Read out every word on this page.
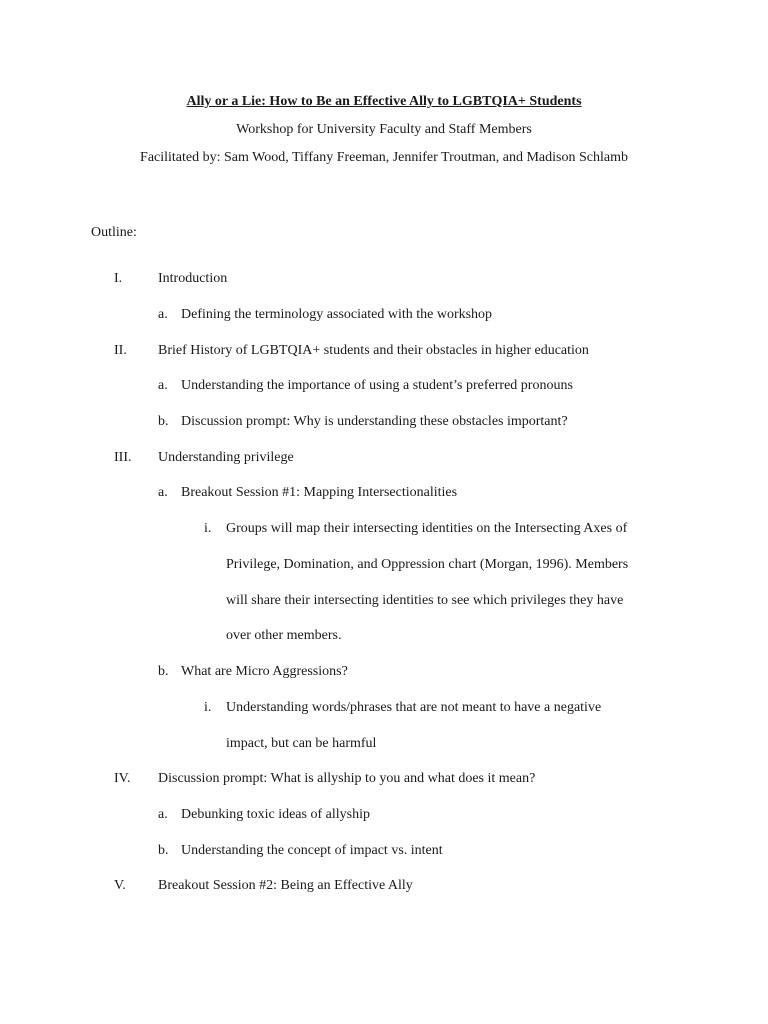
Ally or a Lie: How to Be an Effective Ally to LGBTQIA+ Students
Workshop for University Faculty and Staff Members
Facilitated by: Sam Wood, Tiffany Freeman, Jennifer Troutman, and Madison Schlamb
Outline:
I.	Introduction
a. Defining the terminology associated with the workshop
II. Brief History of LGBTQIA+ students and their obstacles in higher education
a. Understanding the importance of using a student’s preferred pronouns
b. Discussion prompt: Why is understanding these obstacles important?
III. Understanding privilege
a. Breakout Session #1: Mapping Intersectionalities
i. Groups will map their intersecting identities on the Intersecting Axes of
Privilege, Domination, and Oppression chart (Morgan, 1996). Members
will share their intersecting identities to see which privileges they have
over other members.
b. What are Micro Aggressions?
i. Understanding words/phrases that are not meant to have a negative
impact, but can be harmful
IV. Discussion prompt: What is allyship to you and what does it mean?
a. Debunking toxic ideas of allyship
b. Understanding the concept of impact vs. intent
V. Breakout Session #2: Being an Effective Ally
